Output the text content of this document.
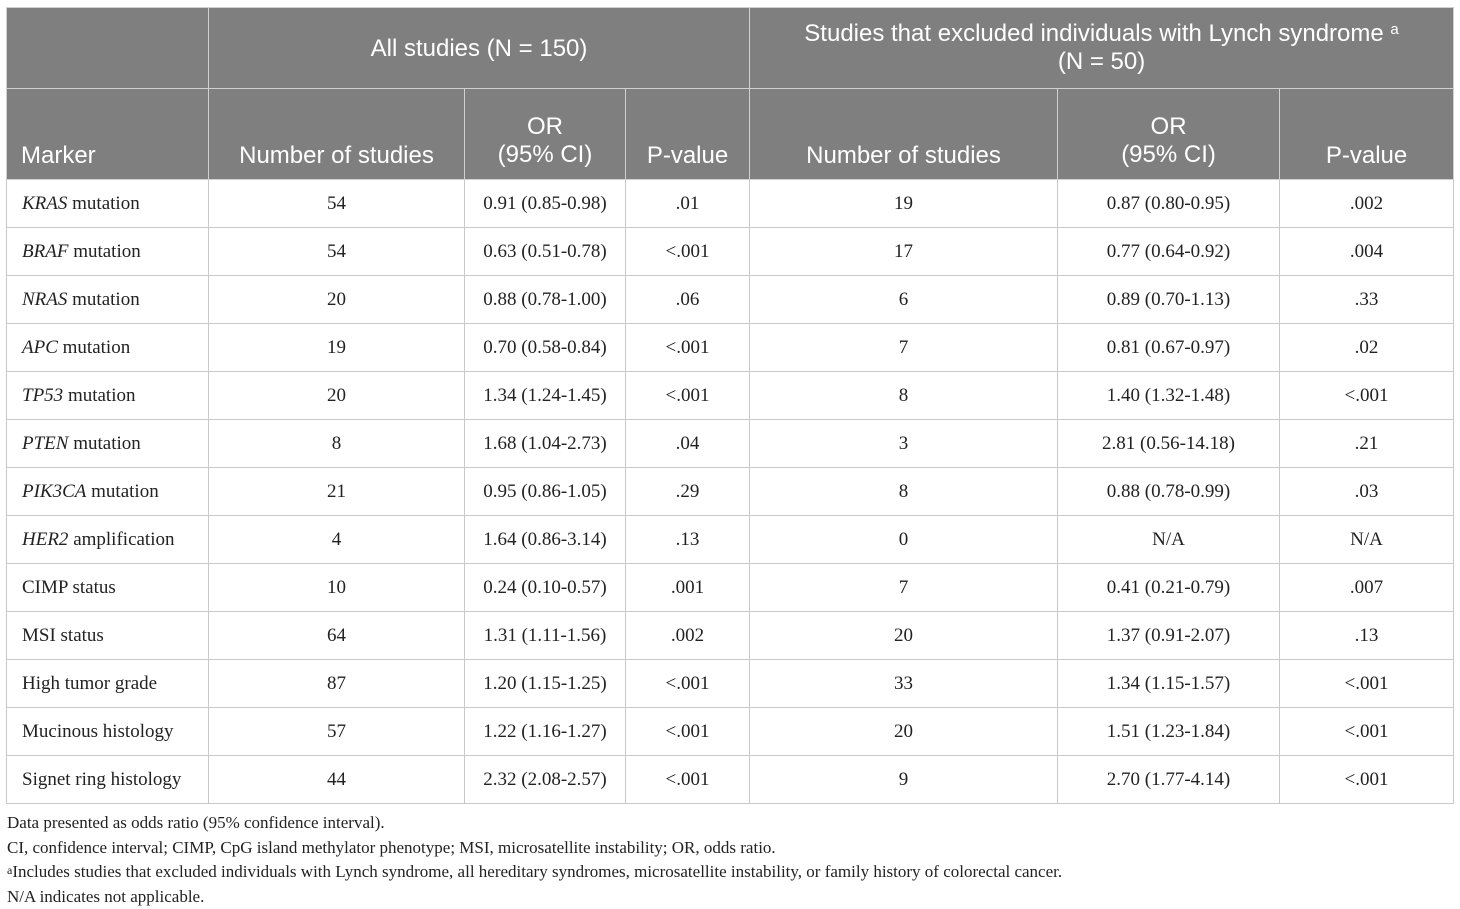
	All studies (N = 150)			Studies that excluded individuals with Lynch syndrome $^a$
(N = 50)		
Marker	Number of studies	OR
(95% CI)	P-value	Number of studies	OR
(95% CI)	P-value
KRAS mutation	54	0.91 (0.85-0.98)	.01	19	0.87 (0.80-0.95)	.002
BRAF mutation	54	0.63 (0.51-0.78)	<.001	17	0.77 (0.64-0.92)	.004
NRAS mutation	20	0.88 (0.78-1.00)	.06	6	0.89 (0.70-1.13)	.33
APC mutation	19	0.70 (0.58-0.84)	<.001	7	0.81 (0.67-0.97)	.02
TP53 mutation	20	1.34 (1.24-1.45)	<.001	8	1.40 (1.32-1.48)	<.001
PTEN mutation	8	1.68 (1.04-2.73)	.04	3	2.81 (0.56-14.18)	.21
PIK3CA mutation	21	0.95 (0.86-1.05)	.29	8	0.88 (0.78-0.99)	.03
HER2 amplification	4	1.64 (0.86-3.14)	.13	0	N/A	N/A
CIMP status	10	0.24 (0.10-0.57)	.001	7	0.41 (0.21-0.79)	.007
MSI status	64	1.31 (1.11-1.56)	.002	20	1.37 (0.91-2.07)	.13
High tumor grade	87	1.20 (1.15-1.25)	<.001	33	1.34 (1.15-1.57)	<.001
Mucinous histology	57	1.22 (1.16-1.27)	<.001	20	1.51 (1.23-1.84)	<.001
Signet ring histology	44	2.32 (2.08-2.57)	<.001	9	2.70 (1.77-4.14)	<.001

Data presented as odds ratio (95% confidence interval).

CI, confidence interval; CIMP, CpG island methylator phenotype; MSI, microsatellite instability; OR, odds ratio.

$^a$Includes studies that excluded individuals with Lynch syndrome, all hereditary syndromes, microsatellite instability, or family history of colorectal cancer.

N/A indicates not applicable.
